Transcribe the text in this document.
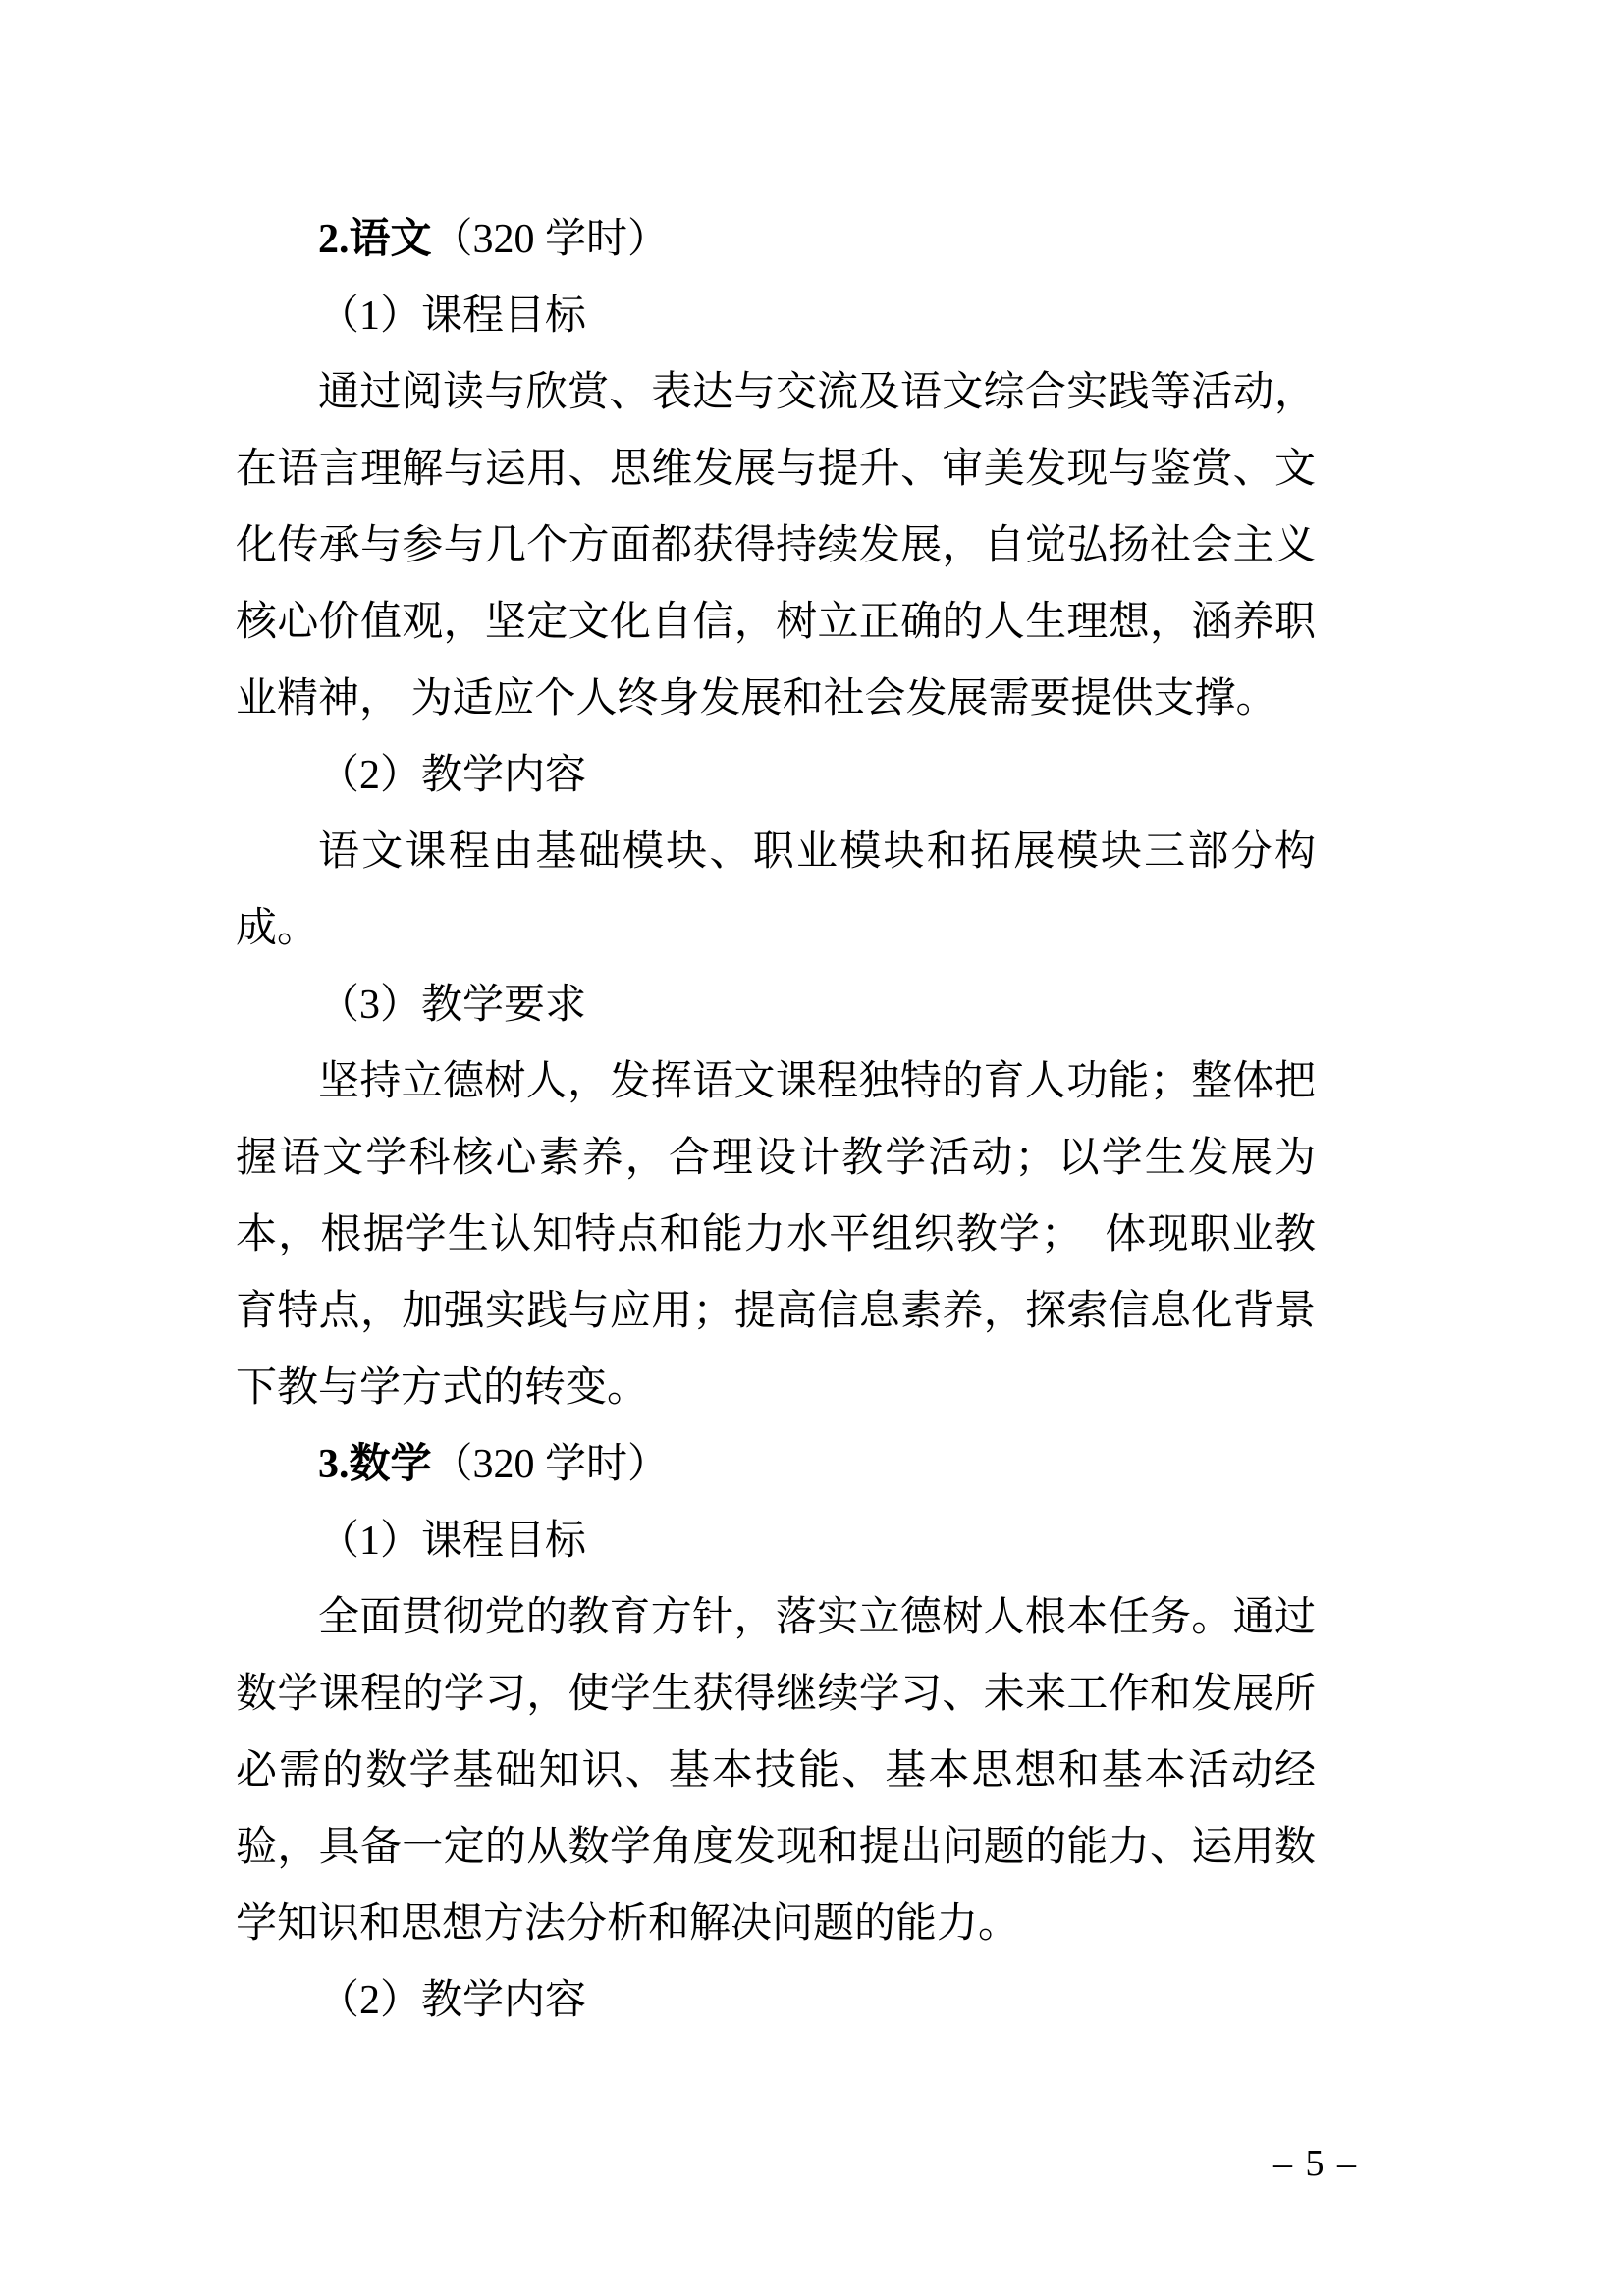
2.语文（320 学时）

（1）课程目标

通过阅读与欣赏、表达与交流及语文综合实践等活动，在语言理解与运用、思维发展与提升、审美发现与鉴赏、文化传承与参与几个方面都获得持续发展，自觉弘扬社会主义核心价值观，坚定文化自信，树立正确的人生理想，涵养职业精神， 为适应个人终身发展和社会发展需要提供支撑。

（2）教学内容

语文课程由基础模块、职业模块和拓展模块三部分构成。

（3）教学要求

坚持立德树人，发挥语文课程独特的育人功能；整体把握语文学科核心素养，合理设计教学活动；以学生发展为本，根据学生认知特点和能力水平组织教学；　体现职业教育特点，加强实践与应用；提高信息素养，探索信息化背景下教与学方式的转变。

3.数学（320 学时）

（1）课程目标

全面贯彻党的教育方针，落实立德树人根本任务。通过数学课程的学习，使学生获得继续学习、未来工作和发展所必需的数学基础知识、基本技能、基本思想和基本活动经验，具备一定的从数学角度发现和提出问题的能力、运用数学知识和思想方法分析和解决问题的能力。

（2）教学内容

– 5 –
